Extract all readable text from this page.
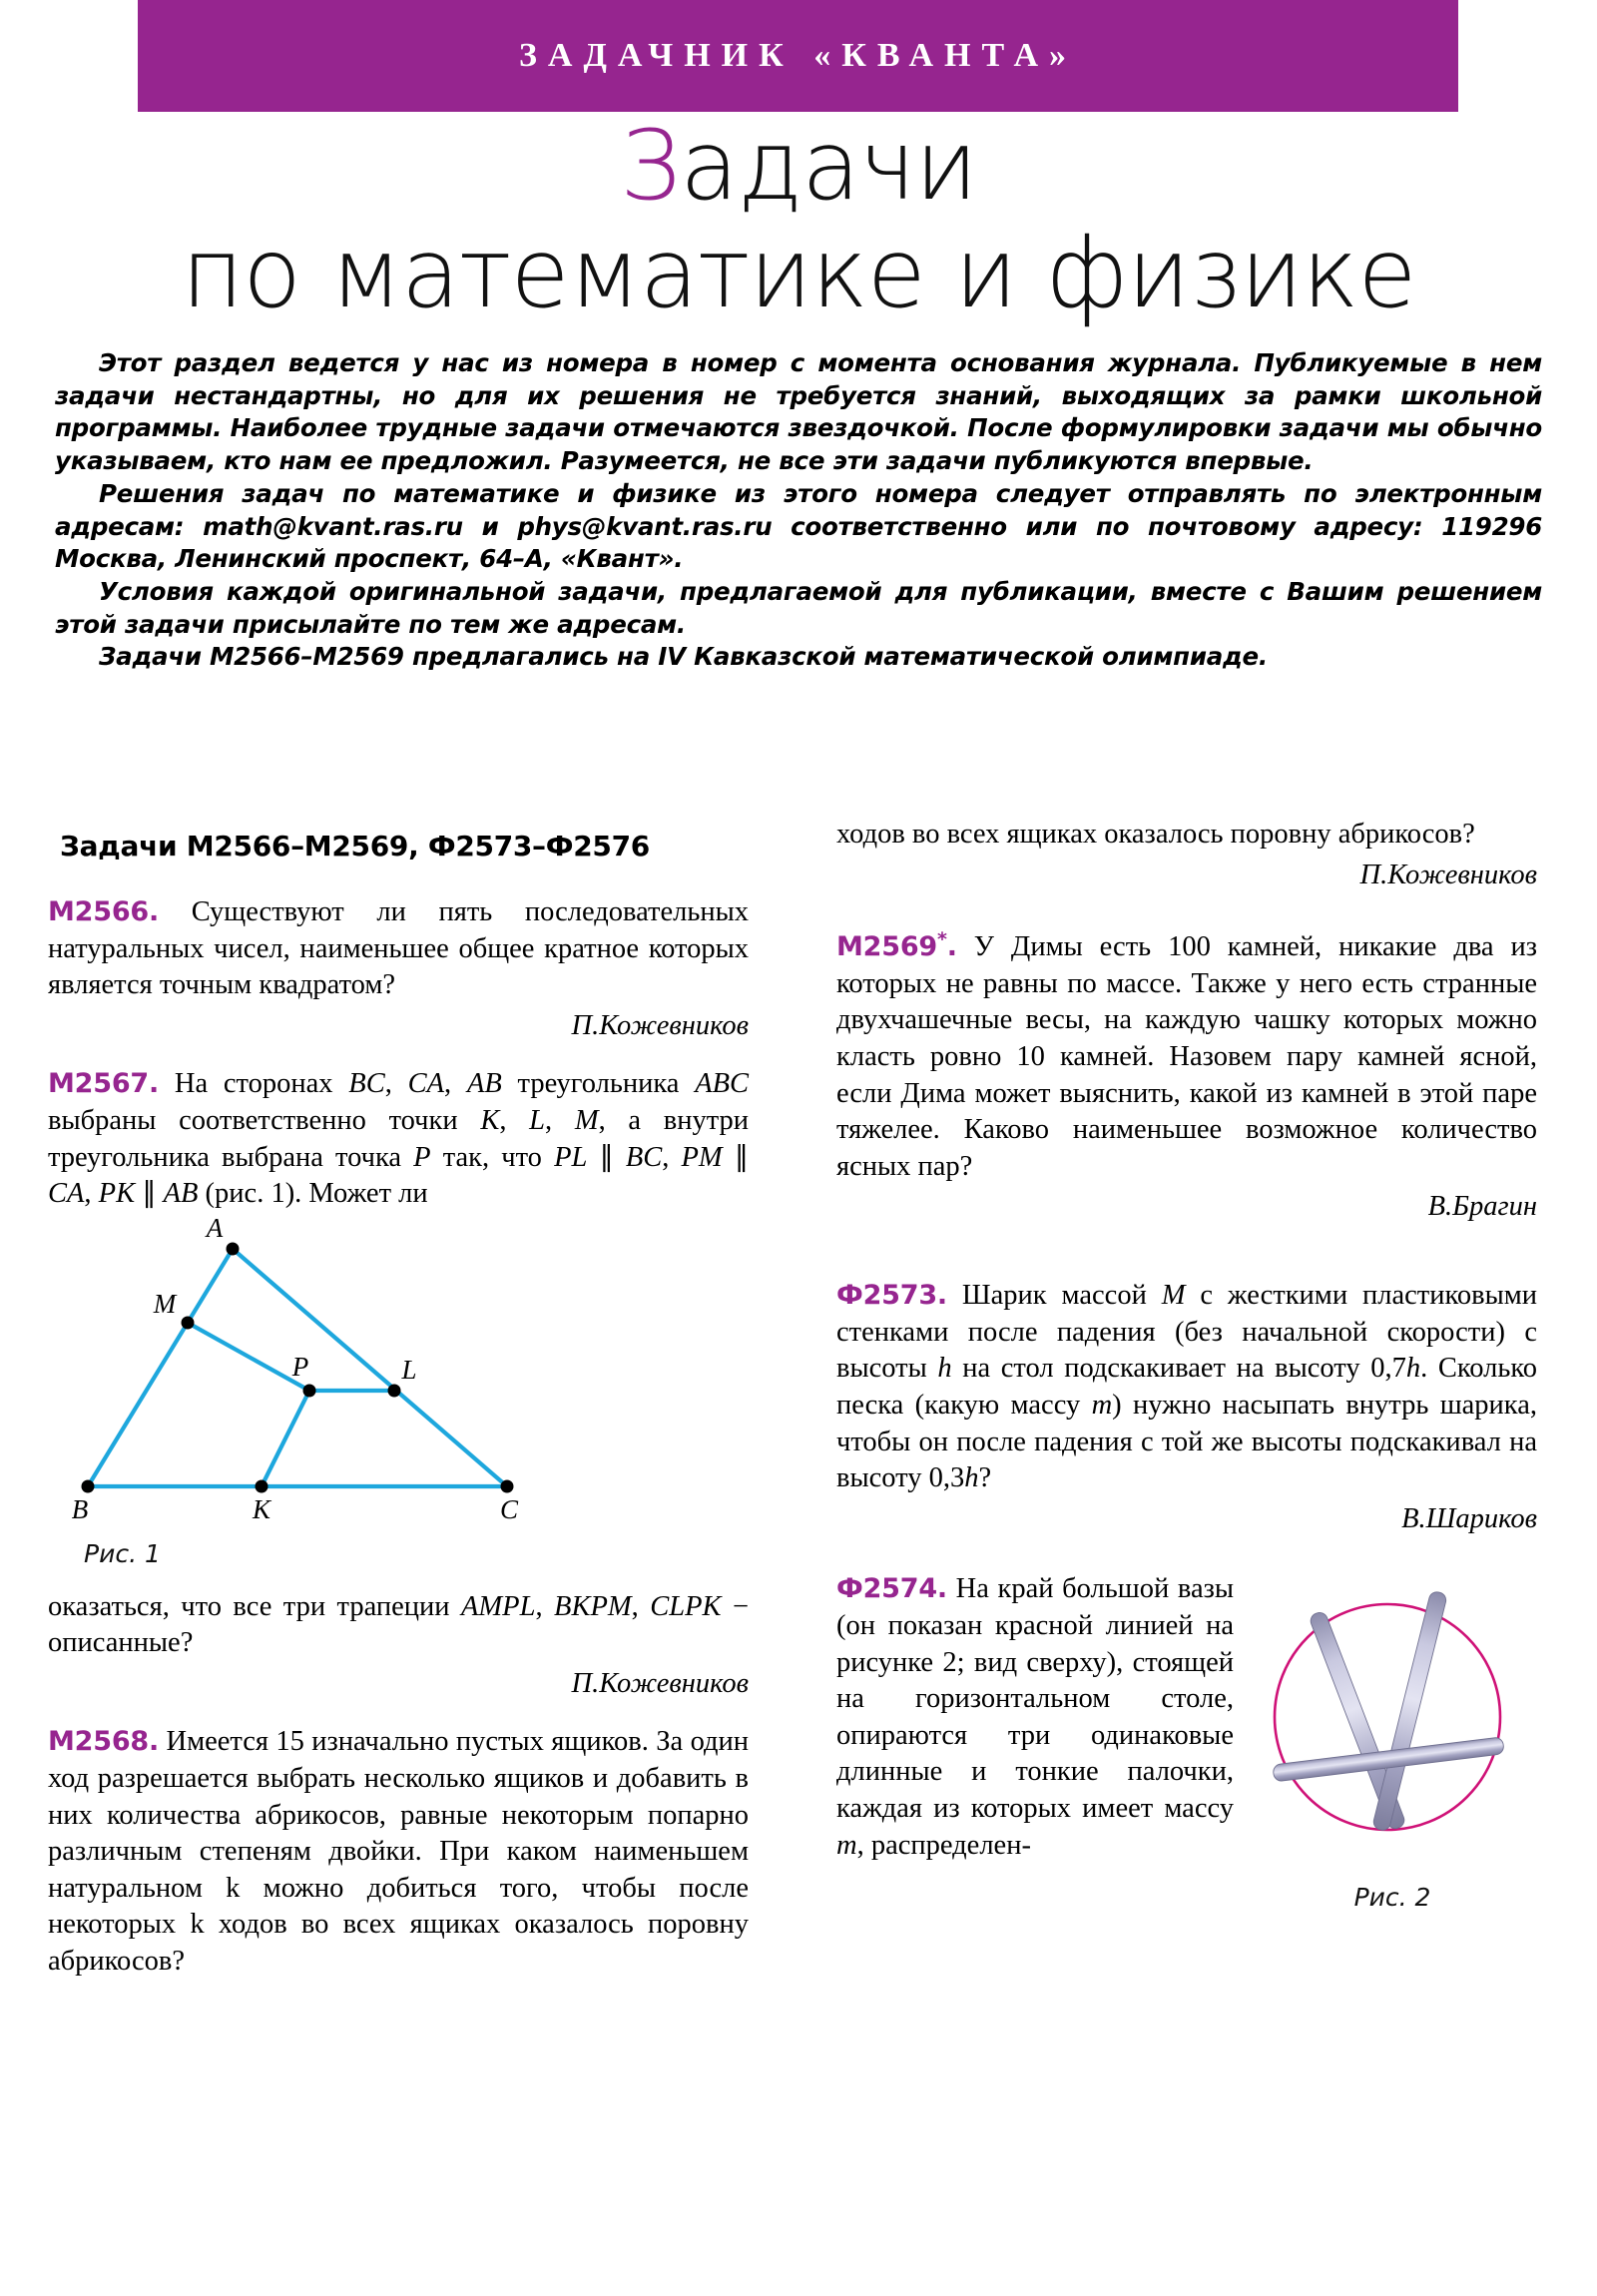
ЗАДАЧНИК «КВАНТА»
Задачи
по математике и физике

Этот раздел ведется у нас из номера в номер с момента основания журнала. Публикуемые в нем задачи нестандартны, но для их решения не требуется знаний, выходящих за рамки школьной программы. Наиболее трудные задачи отмечаются звездочкой. После формулировки задачи мы обычно указываем, кто нам ее предложил. Разумеется, не все эти задачи публикуются впервые.

Решения задач по математике и физике из этого номера следует отправлять по электронным адресам: math@kvant.ras.ru и phys@kvant.ras.ru соответственно или по почтовому адресу: 119296 Москва, Ленинский проспект, 64–А, «Квант».

Условия каждой оригинальной задачи, предлагаемой для публикации, вместе с Вашим решением этой задачи присылайте по тем же адресам.

Задачи М2566–М2569 предлагались на IV Кавказской математической олимпиаде.

Задачи М2566–М2569, Ф2573–Ф2576
М2566. Существуют ли пять последовательных натуральных чисел, наименьшее общее кратное которых является точным квадратом?
П.Кожевников
М2567. На сторонах BC, CA, AB треугольника ABC выбраны соответственно точки K, L, M, а внутри треугольника выбрана точка P так, что PL ∥ BC, PM ∥ CA, PK ∥ AB (рис. 1). Может ли
A
M
P	L
B	K	C
Рис. 1
оказаться, что все три трапеции AMPL, BKPM, CLPK − описанные?
П.Кожевников
М2568. Имеется 15 изначально пустых ящиков. За один ход разрешается выбрать несколько ящиков и добавить в них количества абрикосов, равные некоторым попарно различным степеням двойки. При каком наименьшем натуральном k можно добиться того, чтобы после некоторых k ходов во всех ящиках оказалось поровну абрикосов?
ходов во всех ящиках оказалось поровну абрикосов?
П.Кожевников
М2569*. У Димы есть 100 камней, никакие два из которых не равны по массе. Также у него есть странные двухчашечные весы, на каждую чашку которых можно класть ровно 10 камней. Назовем пару камней ясной, если Дима может выяснить, какой из камней в этой паре тяжелее. Каково наименьшее возможное количество ясных пар?
В.Брагин
Ф2573. Шарик массой M с жесткими пластиковыми стенками после падения (без начальной скорости) с высоты h на стол подскакивает на высоту 0,7h. Сколько песка (какую массу m) нужно насыпать внутрь шарика, чтобы он после падения с той же высоты подскакивал на высоту 0,3h?
В.Шариков
Рис. 2
Ф2574. На край большой вазы (он показан красной линией на рисунке 2; вид сверху), стоящей на горизонтальном столе, опираются три одинаковые длинные и тонкие палочки, каждая из которых имеет массу m, распределен-
